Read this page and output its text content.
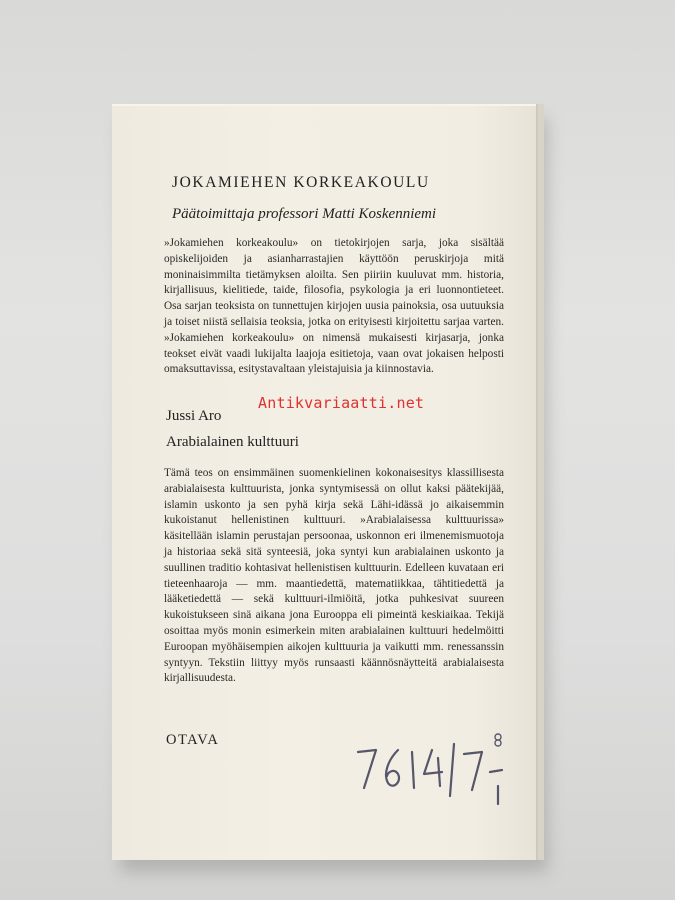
JOKAMIEHEN KORKEAKOULU
Päätoimittaja professori Matti Koskenniemi

»Jokamiehen korkeakoulu» on tietokirjojen sarja, joka sisältää opiskelijoiden ja asianharrastajien käyttöön peruskirjoja mitä moninaisimmilta tietämyksen aloilta. Sen piiriin kuuluvat mm. historia, kirjallisuus, kielitiede, taide, filosofia, psykologia ja eri luonnontieteet. Osa sarjan teoksista on tunnettujen kirjojen uusia painoksia, osa uutuuksia ja toiset niistä sellaisia teoksia, jotka on erityisesti kirjoitettu sarjaa varten. »Jokamiehen korkeakoulu» on nimensä mukaisesti kirjasarja, jonka teokset eivät vaadi lukijalta laajoja esitietoja, vaan ovat jokaisen helposti omaksuttavissa, esitystavaltaan yleistajuisia ja kiinnostavia.

Jussi Aro
Arabialainen kulttuuri

Tämä teos on ensimmäinen suomenkielinen kokonaisesitys klassillisesta arabialaisesta kulttuurista, jonka syntymisessä on ollut kaksi päätekijää, islamin uskonto ja sen pyhä kirja sekä Lähi-idässä jo aikaisemmin kukoistanut hellenistinen kulttuuri. »Arabialaisessa kulttuurissa» käsitellään islamin perustajan persoonaa, uskonnon eri ilmenemismuotoja ja historiaa sekä sitä synteesiä, joka syntyi kun arabialainen uskonto ja suullinen traditio kohtasivat hellenistisen kulttuurin. Edelleen kuvataan eri tieteenhaaroja — mm. maantiedettä, matematiikkaa, tähtitiedettä ja lääketiedettä — sekä kulttuuri-ilmiöitä, jotka puhkesivat suureen kukoistukseen sinä aikana jona Eurooppa eli pimeintä keskiaikaa. Tekijä osoittaa myös monin esimerkein miten arabialainen kulttuuri hedelmöitti Euroopan myöhäisempien aikojen kulttuuria ja vaikutti mm. renessanssin syntyyn. Tekstiin liittyy myös runsaasti käännösnäytteitä arabialaisesta kirjallisuudesta.

OTAVA
Antikvariaatti.net
